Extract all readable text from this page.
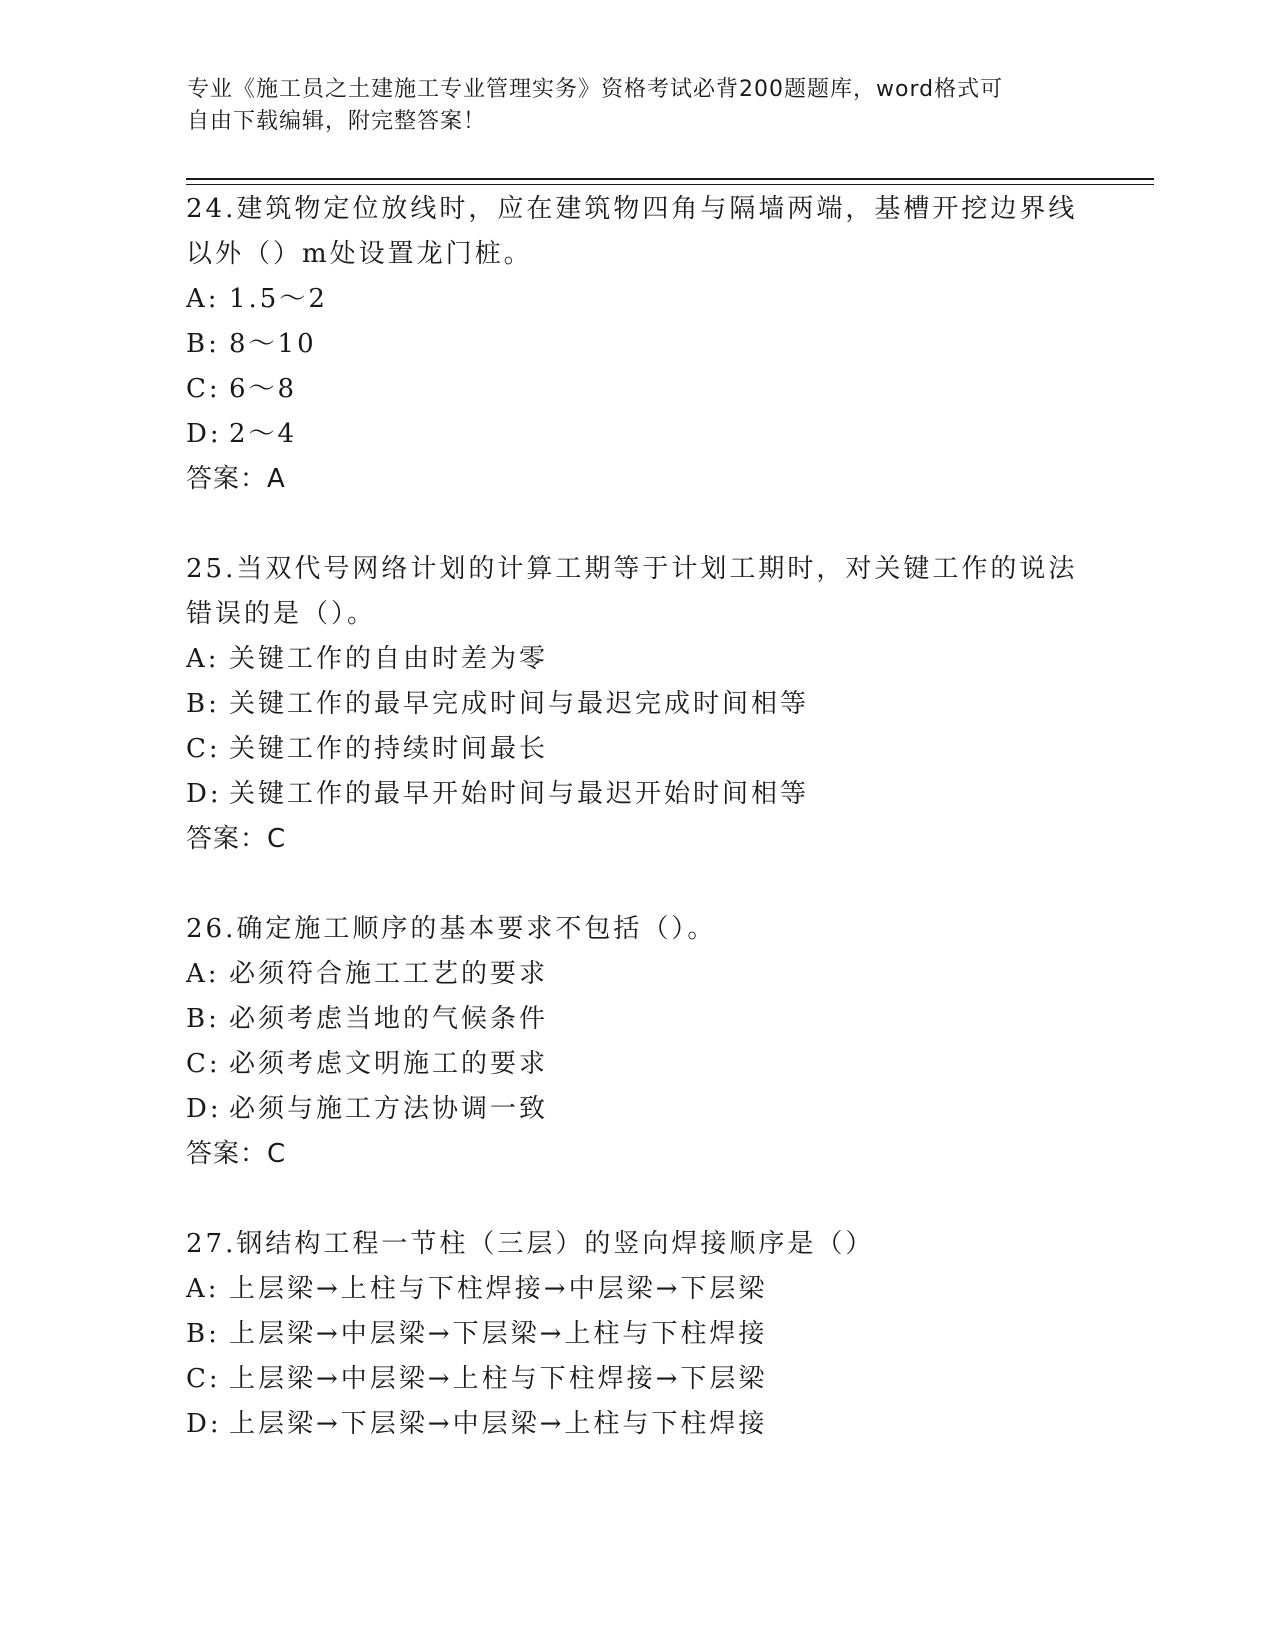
专业《施工员之土建施工专业管理实务》资格考试必背200题题库，word格式可
自由下载编辑，附完整答案！
24.建筑物定位放线时，应在建筑物四角与隔墙两端，基槽开挖边界线
以外（）m处设置龙门桩。
A: 1.5～2
B: 8～10
C: 6～8
D: 2～4
答案：A
25.当双代号网络计划的计算工期等于计划工期时，对关键工作的说法
错误的是（）。
A: 关键工作的自由时差为零
B: 关键工作的最早完成时间与最迟完成时间相等
C: 关键工作的持续时间最长
D: 关键工作的最早开始时间与最迟开始时间相等
答案：C
26.确定施工顺序的基本要求不包括（）。
A: 必须符合施工工艺的要求
B: 必须考虑当地的气候条件
C: 必须考虑文明施工的要求
D: 必须与施工方法协调一致
答案：C
27.钢结构工程一节柱（三层）的竖向焊接顺序是（）
A: 上层梁→上柱与下柱焊接→中层梁→下层梁
B: 上层梁→中层梁→下层梁→上柱与下柱焊接
C: 上层梁→中层梁→上柱与下柱焊接→下层梁
D: 上层梁→下层梁→中层梁→上柱与下柱焊接
